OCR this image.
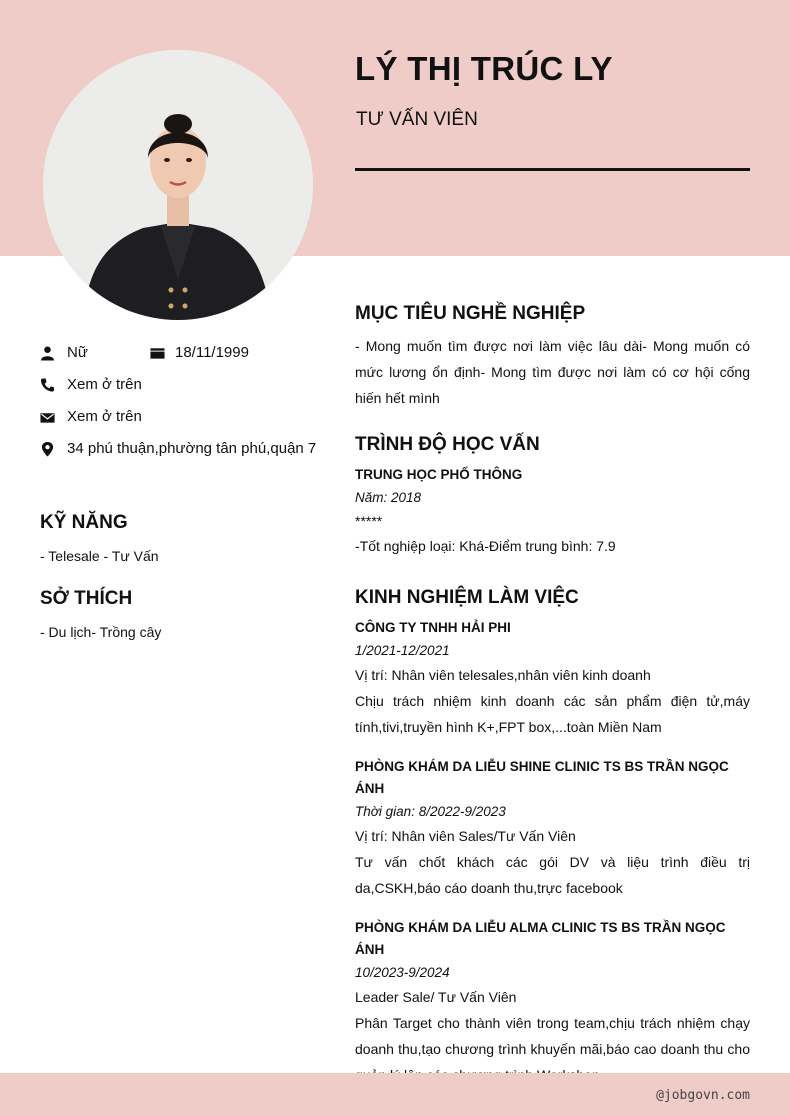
LÝ THỊ TRÚC LY
TƯ VẤN VIÊN
Nữ	18/11/1999
Xem ở trên
Xem ở trên
34 phú thuận,phường tân phú,quận 7
KỸ NĂNG
- Telesale - Tư Vấn
SỞ THÍCH
- Du lịch- Trồng cây
MỤC TIÊU NGHỀ NGHIỆP
- Mong muốn tìm được nơi làm việc lâu dài- Mong muốn có mức lương ổn định- Mong tìm được nơi làm có cơ hội cống hiến hết mình
TRÌNH ĐỘ HỌC VẤN
TRUNG HỌC PHỔ THÔNG
Năm: 2018
*****
-Tốt nghiệp loại: Khá-Điểm trung bình: 7.9
KINH NGHIỆM LÀM VIỆC
CÔNG TY TNHH HẢI PHI
1/2021-12/2021
Vị trí: Nhân viên telesales,nhân viên kinh doanh
Chịu trách nhiệm kinh doanh các sản phẩm điện tử,máy tính,tivi,truyền hình K+,FPT box,...toàn Miền Nam
PHÒNG KHÁM DA LIỄU SHINE CLINIC TS BS TRẦN NGỌC ÁNH
Thời gian: 8/2022-9/2023
Vị trí: Nhân viên Sales/Tư Vấn Viên
Tư vấn chốt khách các gói DV và liệu trình điều trị da,CSKH,báo cáo doanh thu,trực facebook
PHÒNG KHÁM DA LIỄU ALMA CLINIC TS BS TRẦN NGỌC ÁNH
10/2023-9/2024
Leader Sale/ Tư Vấn Viên
Phân Target cho thành viên trong team,chịu trách nhiệm chạy doanh thu,tạo chương trình khuyến mãi,báo cao doanh thu cho
@jobgovn.com
